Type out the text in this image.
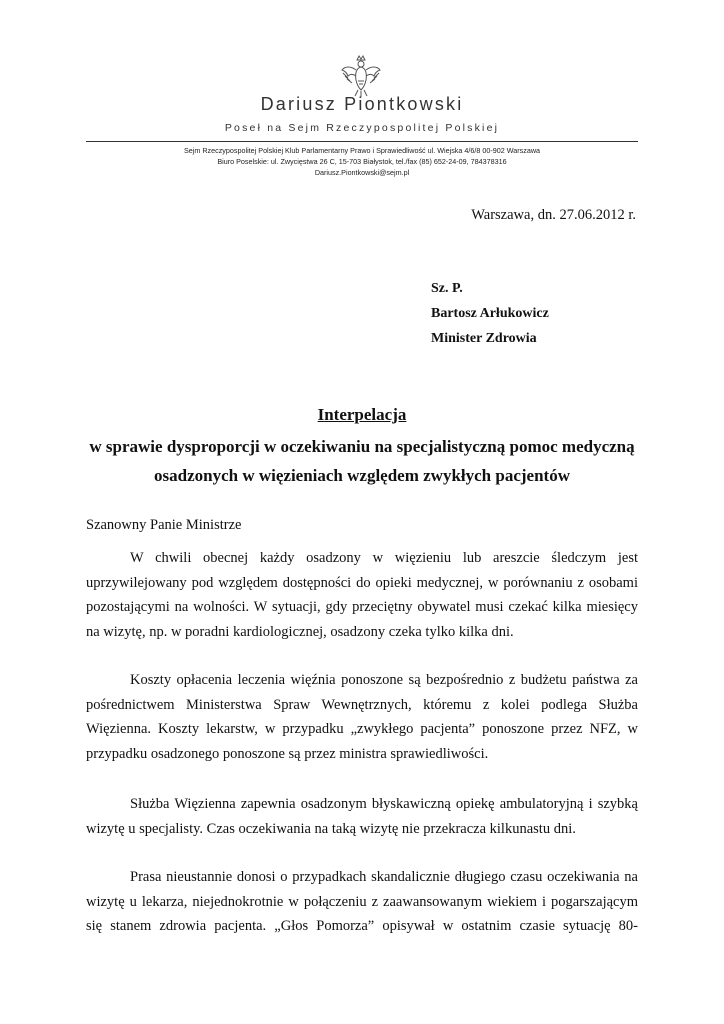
Dariusz Piontkowski
Poseł na Sejm Rzeczypospolitej Polskiej
Sejm Rzeczypospolitej Polskiej Klub Parlamentarny Prawo i Sprawiedliwość ul. Wiejska 4/6/8 00-902 Warszawa
Biuro Poselskie: ul. Zwycięstwa 26 C, 15-703 Białystok, tel./fax (85) 652-24-09, 784378316
Dariusz.Piontkowski@sejm.pl
Warszawa, dn. 27.06.2012 r.
Sz. P.
Bartosz Arłukowicz
Minister Zdrowia
Interpelacja
w sprawie dysproporcji w oczekiwaniu na specjalistyczną pomoc medyczną
osadzonych w więzieniach względem zwykłych pacjentów
Szanowny Panie Ministrze

W chwili obecnej każdy osadzony w więzieniu lub areszcie śledczym jest uprzywilejowany pod względem dostępności do opieki medycznej, w porównaniu z osobami pozostającymi na wolności. W sytuacji, gdy przeciętny obywatel musi czekać kilka miesięcy na wizytę, np. w poradni kardiologicznej, osadzony czeka tylko kilka dni.

Koszty opłacenia leczenia więźnia ponoszone są bezpośrednio z budżetu państwa za pośrednictwem Ministerstwa Spraw Wewnętrznych, któremu z kolei podlega Służba Więzienna. Koszty lekarstw, w przypadku „zwykłego pacjenta” ponoszone przez NFZ, w przypadku osadzonego ponoszone są przez ministra sprawiedliwości.

Służba Więzienna zapewnia osadzonym błyskawiczną opiekę ambulatoryjną i szybką wizytę u specjalisty. Czas oczekiwania na taką wizytę nie przekracza kilkunastu dni.

Prasa nieustannie donosi o przypadkach skandalicznie długiego czasu oczekiwania na wizytę u lekarza, niejednokrotnie w połączeniu z zaawansowanym wiekiem i pogarszającym się stanem zdrowia pacjenta. „Głos Pomorza” opisywał w ostatnim czasie sytuację 80-
